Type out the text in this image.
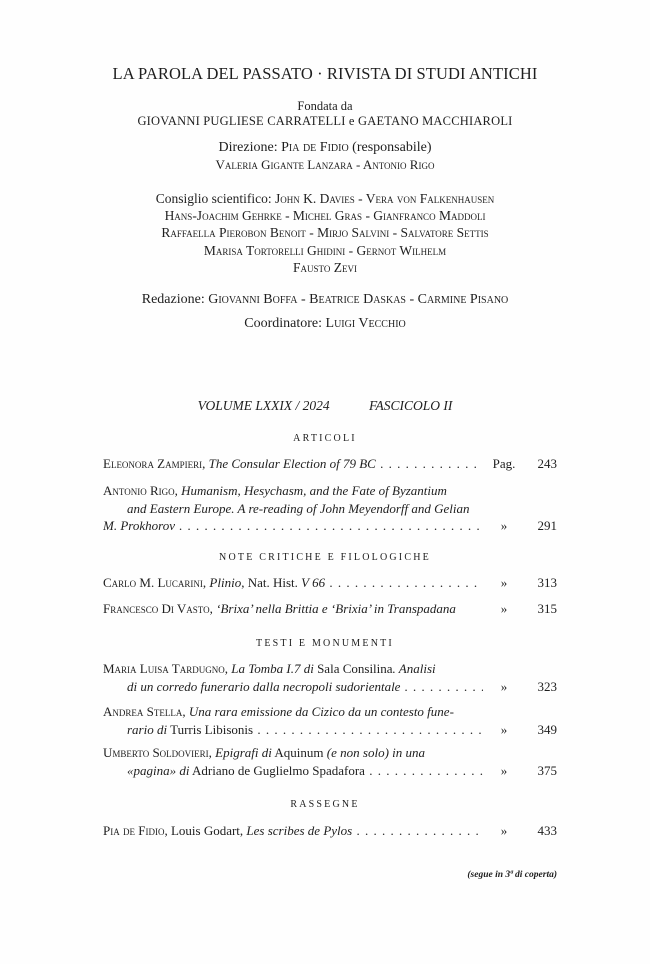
LA PAROLA DEL PASSATO · RIVISTA DI STUDI ANTICHI
Fondata da
GIOVANNI PUGLIESE CARRATELLI e GAETANO MACCHIAROLI
Direzione: Pia de Fidio (responsabile)
Valeria Gigante Lanzara - Antonio Rigo
Consiglio scientifico: John K. Davies - Vera von Falkenhausen
Hans-Joachim Gehrke - Michel Gras - Gianfranco Maddoli
Raffaella Pierobon Benoit - Mirjo Salvini - Salvatore Settis
Marisa Tortorelli Ghidini - Gernot Wilhelm
Fausto Zevi
Redazione: Giovanni Boffa - Beatrice Daskas - Carmine Pisano
Coordinatore: Luigi Vecchio
VOLUME LXXIX / 2024	FASCICOLO II
ARTICOLI
Eleonora Zampieri, The Consular Election of 79 BC . . .	Pag.	243
Antonio Rigo, Humanism, Hesychasm, and the Fate of Byzantium
and Eastern Europe. A re-reading of John Meyendorff and Gelian
M. Prokhorov . . .	»	291
NOTE CRITICHE E FILOLOGICHE
Carlo M. Lucarini, Plinio, Nat. Hist. V 66 . . .	»	313
Francesco Di Vasto, ‘Brixa’ nella Brittia e ‘Brixia’ in Transpadana	»	315
TESTI E MONUMENTI
Maria Luisa Tardugno, La Tomba I.7 di Sala Consilina. Analisi
di un corredo funerario dalla necropoli sudorientale . . .	»	323
Andrea Stella, Una rara emissione da Cizico da un contesto fune-
rario di Turris Libisonis . . .	»	349
Umberto Soldovieri, Epigrafi di Aquinum (e non solo) in una
«pagina» di Adriano de Guglielmo Spadafora . . .	»	375
RASSEGNE
Pia de Fidio, Louis Godart, Les scribes de Pylos . . .	»	433
(segue in 3ª di coperta)
